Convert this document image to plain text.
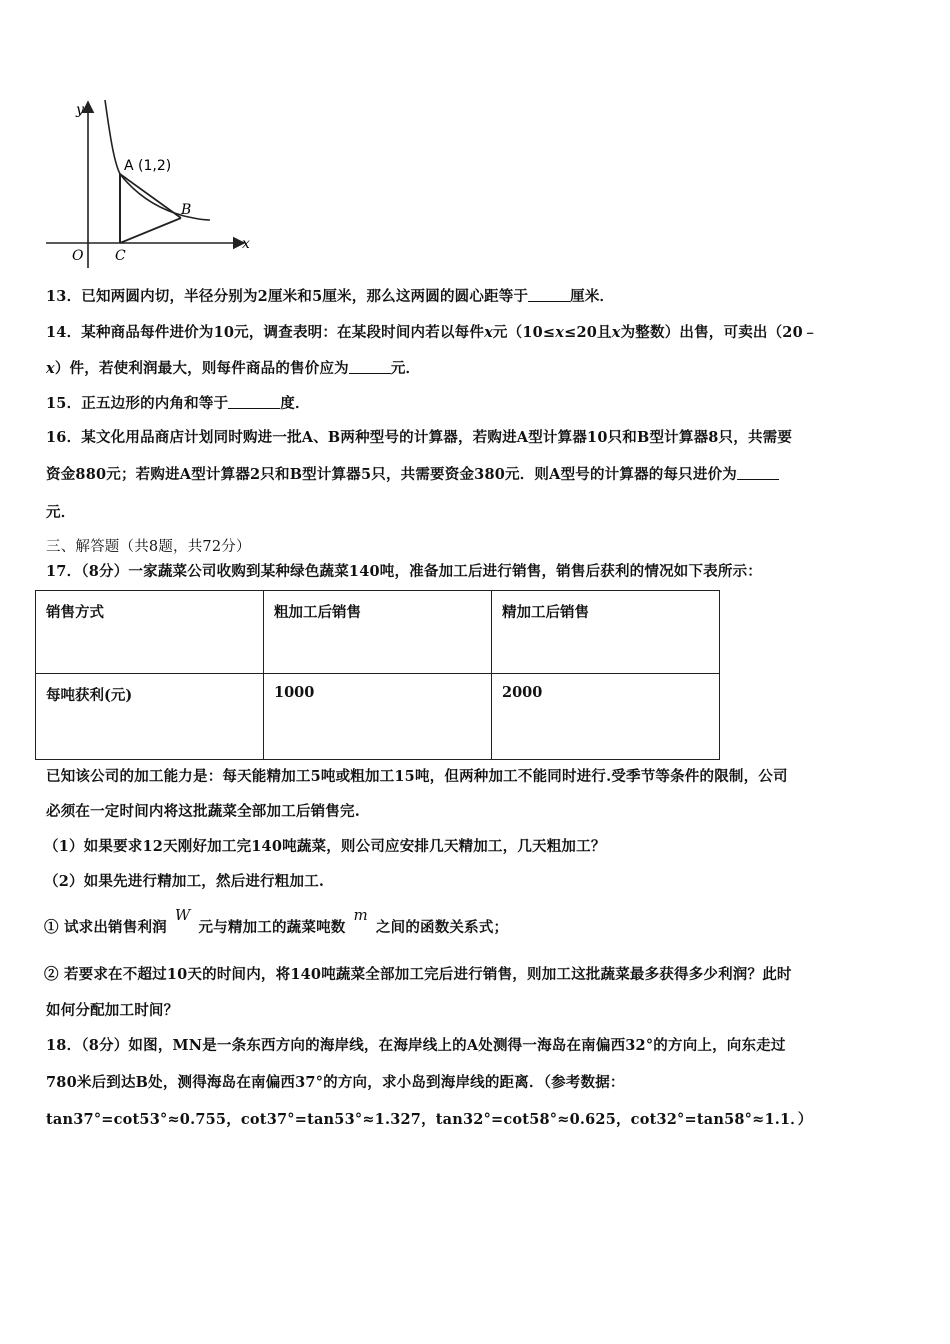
y
x
O
A (1,2)
B
C
13．已知两圆内切，半径分别为2厘米和5厘米，那么这两圆的圆心距等于	厘米．
14．某种商品每件进价为10元，调查表明：在某段时间内若以每件x元（10≤x≤20且x为整数）出售，可卖出（20﹣
x）件，若使利润最大，则每件商品的售价应为	元．
15．正五边形的内角和等于	度．
16．某文化用品商店计划同时购进一批A、B两种型号的计算器，若购进A型计算器10只和B型计算器8只，共需要
资金880元；若购进A型计算器2只和B型计算器5只，共需要资金380元．则A型号的计算器的每只进价为
元．
三、解答题（共8题，共72分）
17．（8分）一家蔬菜公司收购到某种绿色蔬菜140吨，准备加工后进行销售，销售后获利的情况如下表所示：
销售方式	粗加工后销售	精加工后销售
每吨获利(元)	1000	2000
已知该公司的加工能力是：每天能精加工5吨或粗加工15吨，但两种加工不能同时进行.受季节等条件的限制，公司
必须在一定时间内将这批蔬菜全部加工后销售完.
（1）如果要求12天刚好加工完140吨蔬菜，则公司应安排几天精加工，几天粗加工？
（2）如果先进行精加工，然后进行粗加工.
① 试求出销售利润W元与精加工的蔬菜吨数m之间的函数关系式；
② 若要求在不超过10天的时间内，将140吨蔬菜全部加工完后进行销售，则加工这批蔬菜最多获得多少利润？此时
如何分配加工时间？
18．（8分）如图，MN是一条东西方向的海岸线，在海岸线上的A处测得一海岛在南偏西32°的方向上，向东走过
780米后到达B处，测得海岛在南偏西37°的方向，求小岛到海岸线的距离．（参考数据：
tan37°=cot53°≈0.755，cot37°=tan53°≈1.327，tan32°=cot58°≈0.625，cot32°=tan58°≈1.1．）
